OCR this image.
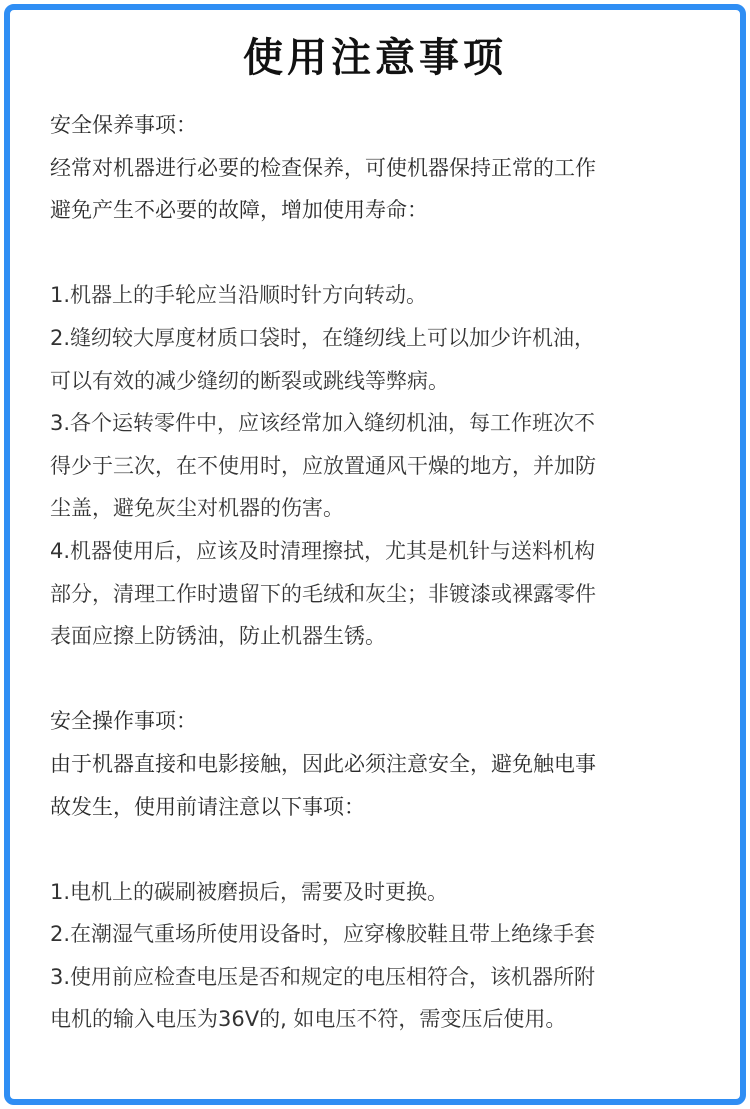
使用注意事项
安全保养事项：
经常对机器进行必要的检查保养，可使机器保持正常的工作
避免产生不必要的故障，增加使用寿命：
1.机器上的手轮应当沿顺时针方向转动。
2.缝纫较大厚度材质口袋时，在缝纫线上可以加少许机油，
可以有效的减少缝纫的断裂或跳线等弊病。
3.各个运转零件中，应该经常加入缝纫机油，每工作班次不
得少于三次，在不使用时，应放置通风干燥的地方，并加防
尘盖，避免灰尘对机器的伤害。
4.机器使用后，应该及时清理擦拭，尤其是机针与送料机构
部分，清理工作时遗留下的毛绒和灰尘；非镀漆或裸露零件
表面应擦上防锈油，防止机器生锈。
安全操作事项：
由于机器直接和电影接触，因此必须注意安全，避免触电事
故发生，使用前请注意以下事项：
1.电机上的碳刷被磨损后，需要及时更换。
2.在潮湿气重场所使用设备时，应穿橡胶鞋且带上绝缘手套
3.使用前应检查电压是否和规定的电压相符合，该机器所附
电机的输入电压为36V的, 如电压不符，需变压后使用。
